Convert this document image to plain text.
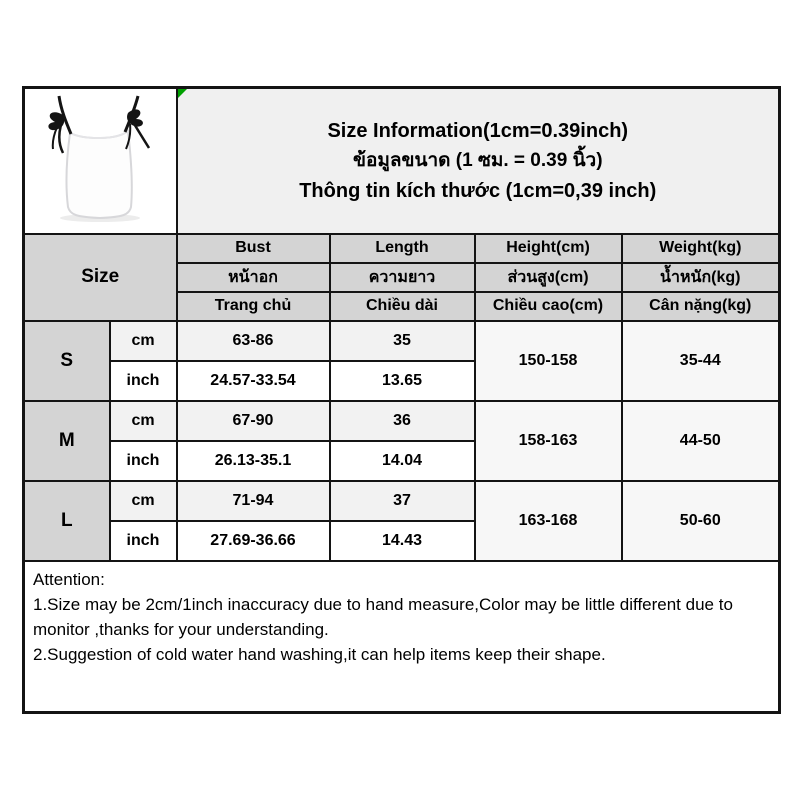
Size Information(1cm=0.39inch)
ข้อมูลขนาด (1 ซม. = 0.39 นิ้ว)
Thông tin kích thước (1cm=0,39 inch)			

Size		Bust	Length	Height(cm)	Weight(kg)
		หน้าอก	ความยาว	ส่วนสูง(cm)	น้ำหนัก(kg)
		Trang chủ	Chiều dài	Chiều cao(cm)	Cân nặng(kg)
S	cm	63-86	35	150-158	35-44
	inch	24.57-33.54	13.65		
M	cm	67-90	36	158-163	44-50
	inch	26.13-35.1	14.04		
L	cm	71-94	37	163-168	50-60
	inch	27.69-36.66	14.43		

Attention:
1.Size may be 2cm/1inch inaccuracy due to hand measure,Color may be little different due to monitor ,thanks for your understanding.
2.Suggestion of cold water hand washing,it can help items keep their shape.					
